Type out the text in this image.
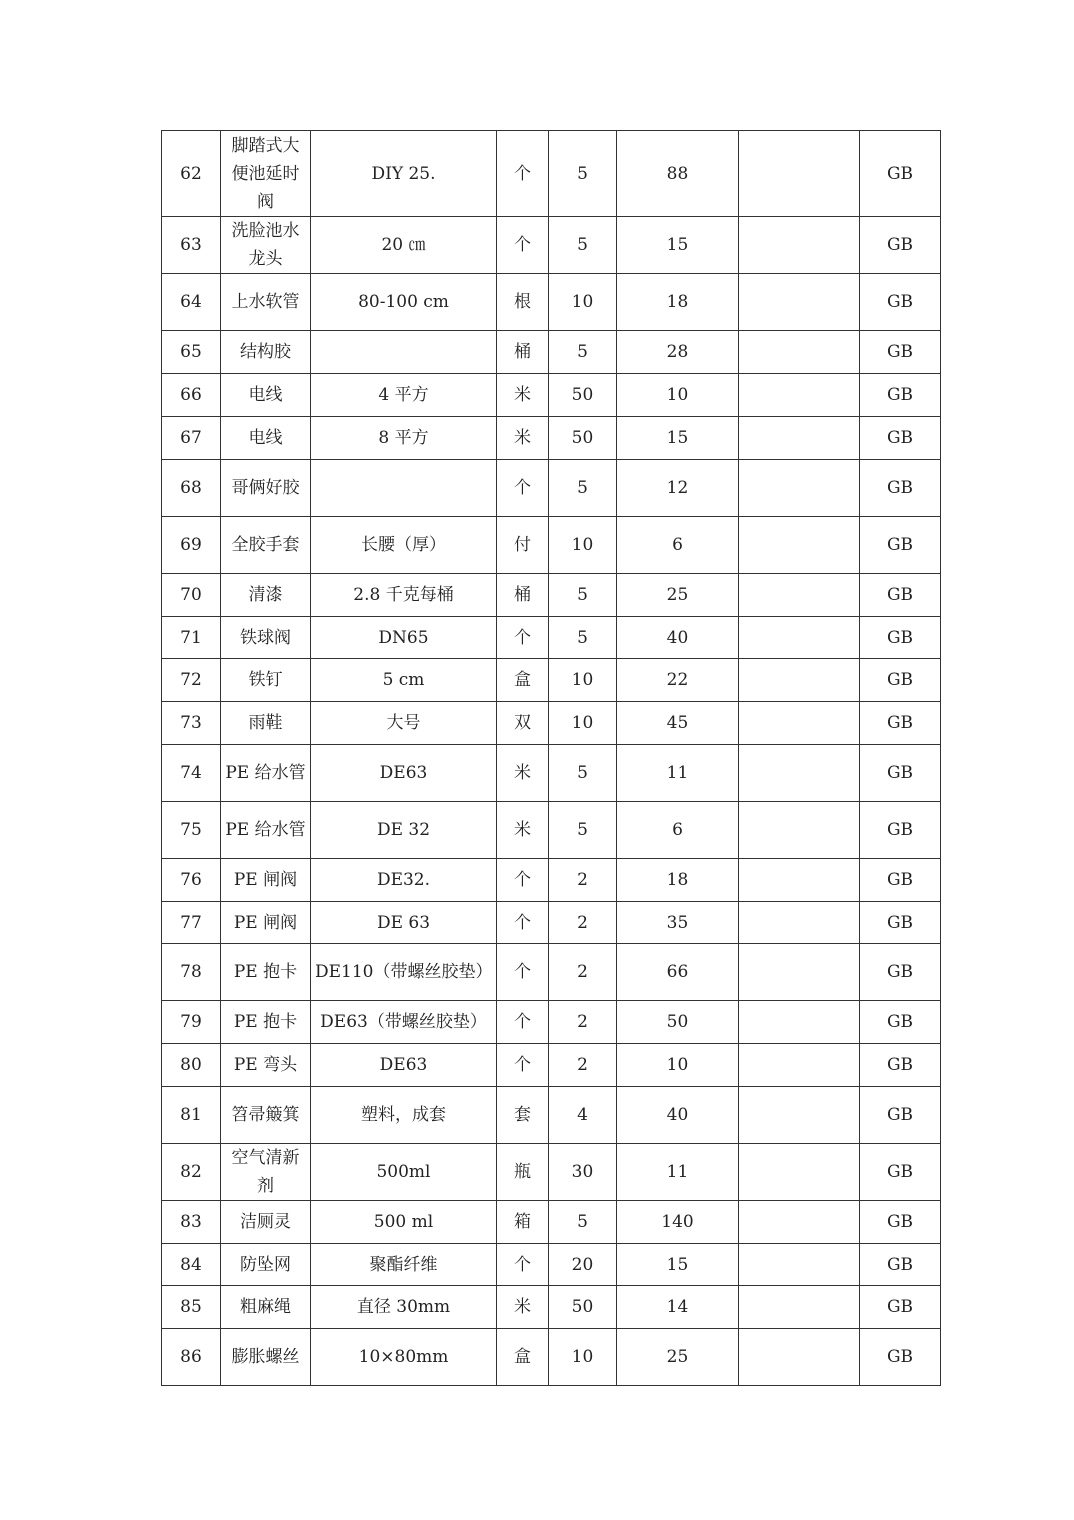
62	脚踏式大便池延时阀	DIY 25.	个	5	88		GB
63	洗脸池水龙头	20 ㎝	个	5	15		GB
64	上水软管	80-100 cm	根	10	18		GB
65	结构胶		桶	5	28		GB
66	电线	4 平方	米	50	10		GB
67	电线	8 平方	米	50	15		GB
68	哥俩好胶		个	5	12		GB
69	全胶手套	长腰（厚）	付	10	6		GB
70	清漆	2.8 千克每桶	桶	5	25		GB
71	铁球阀	DN65	个	5	40		GB
72	铁钉	5 cm	盒	10	22		GB
73	雨鞋	大号	双	10	45		GB
74	PE 给水管	DE63	米	5	11		GB
75	PE 给水管	DE 32	米	5	6		GB
76	PE 闸阀	DE32.	个	2	18		GB
77	PE 闸阀	DE 63	个	2	35		GB
78	PE 抱卡	DE110（带螺丝胶垫）	个	2	66		GB
79	PE 抱卡	DE63（带螺丝胶垫）	个	2	50		GB
80	PE 弯头	DE63	个	2	10		GB
81	笤帚簸箕	塑料，成套	套	4	40		GB
82	空气清新剂	500ml	瓶	30	11		GB
83	洁厕灵	500 ml	箱	5	140		GB
84	防坠网	聚酯纤维	个	20	15		GB
85	粗麻绳	直径 30mm	米	50	14		GB
86	膨胀螺丝	10×80mm	盒	10	25		GB
